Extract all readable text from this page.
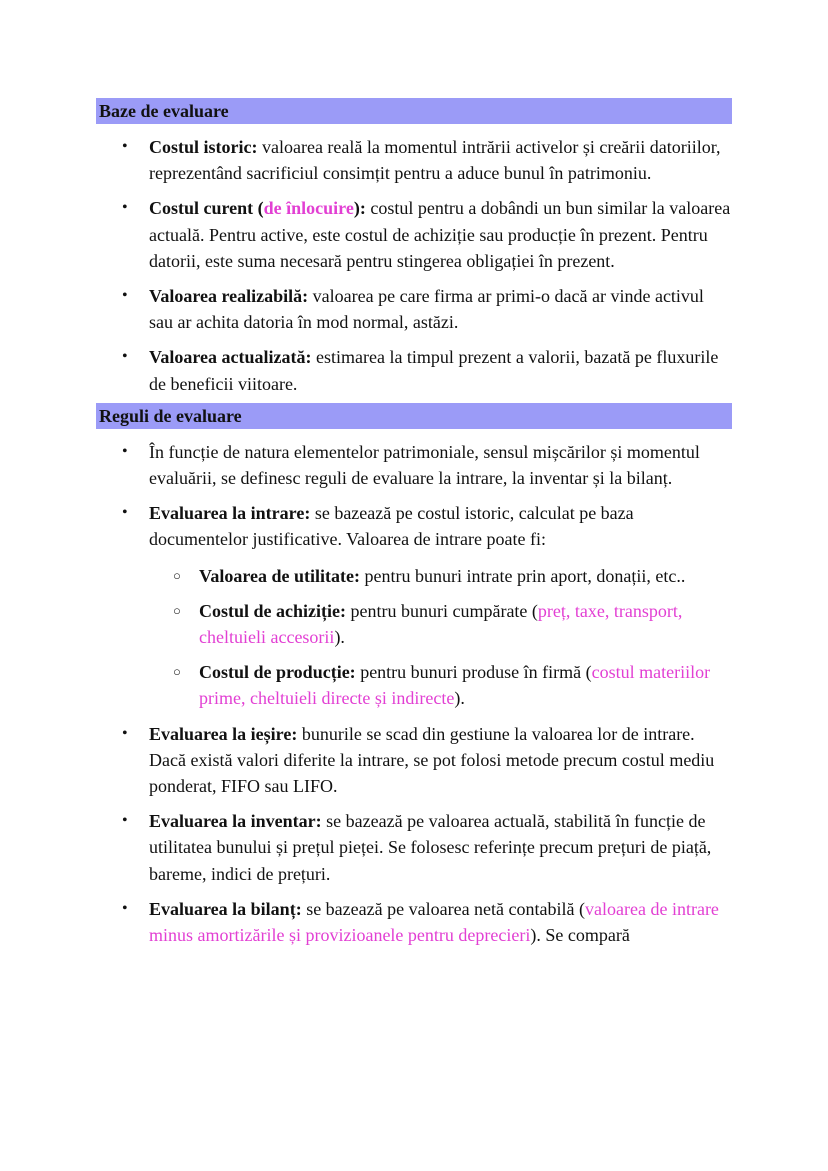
Baze de evaluare
• Costul istoric: valoarea reală la momentul intrării activelor și creării datoriilor, reprezentând sacrificiul consimțit pentru a aduce bunul în patrimoniu.
• Costul curent (de înlocuire): costul pentru a dobândi un bun similar la valoarea actuală. Pentru active, este costul de achiziție sau producție în prezent. Pentru datorii, este suma necesară pentru stingerea obligației în prezent.
• Valoarea realizabilă: valoarea pe care firma ar primi-o dacă ar vinde activul sau ar achita datoria în mod normal, astăzi.
• Valoarea actualizată: estimarea la timpul prezent a valorii, bazată pe fluxurile de beneficii viitoare.
Reguli de evaluare
• În funcție de natura elementelor patrimoniale, sensul mișcărilor și momentul evaluării, se definesc reguli de evaluare la intrare, la inventar și la bilanț.
• Evaluarea la intrare: se bazează pe costul istoric, calculat pe baza documentelor justificative. Valoarea de intrare poate fi:
○ Valoarea de utilitate: pentru bunuri intrate prin aport, donații, etc..
○ Costul de achiziție: pentru bunuri cumpărate (preț, taxe, transport, cheltuieli accesorii).
○ Costul de producție: pentru bunuri produse în firmă (costul materiilor prime, cheltuieli directe și indirecte).
• Evaluarea la ieșire: bunurile se scad din gestiune la valoarea lor de intrare. Dacă există valori diferite la intrare, se pot folosi metode precum costul mediu ponderat, FIFO sau LIFO.
• Evaluarea la inventar: se bazează pe valoarea actuală, stabilită în funcție de utilitatea bunului și prețul pieței. Se folosesc referințe precum prețuri de piață, bareme, indici de prețuri.
• Evaluarea la bilanț: se bazează pe valoarea netă contabilă (valoarea de intrare minus amortizările și provizioanele pentru deprecieri). Se compară
